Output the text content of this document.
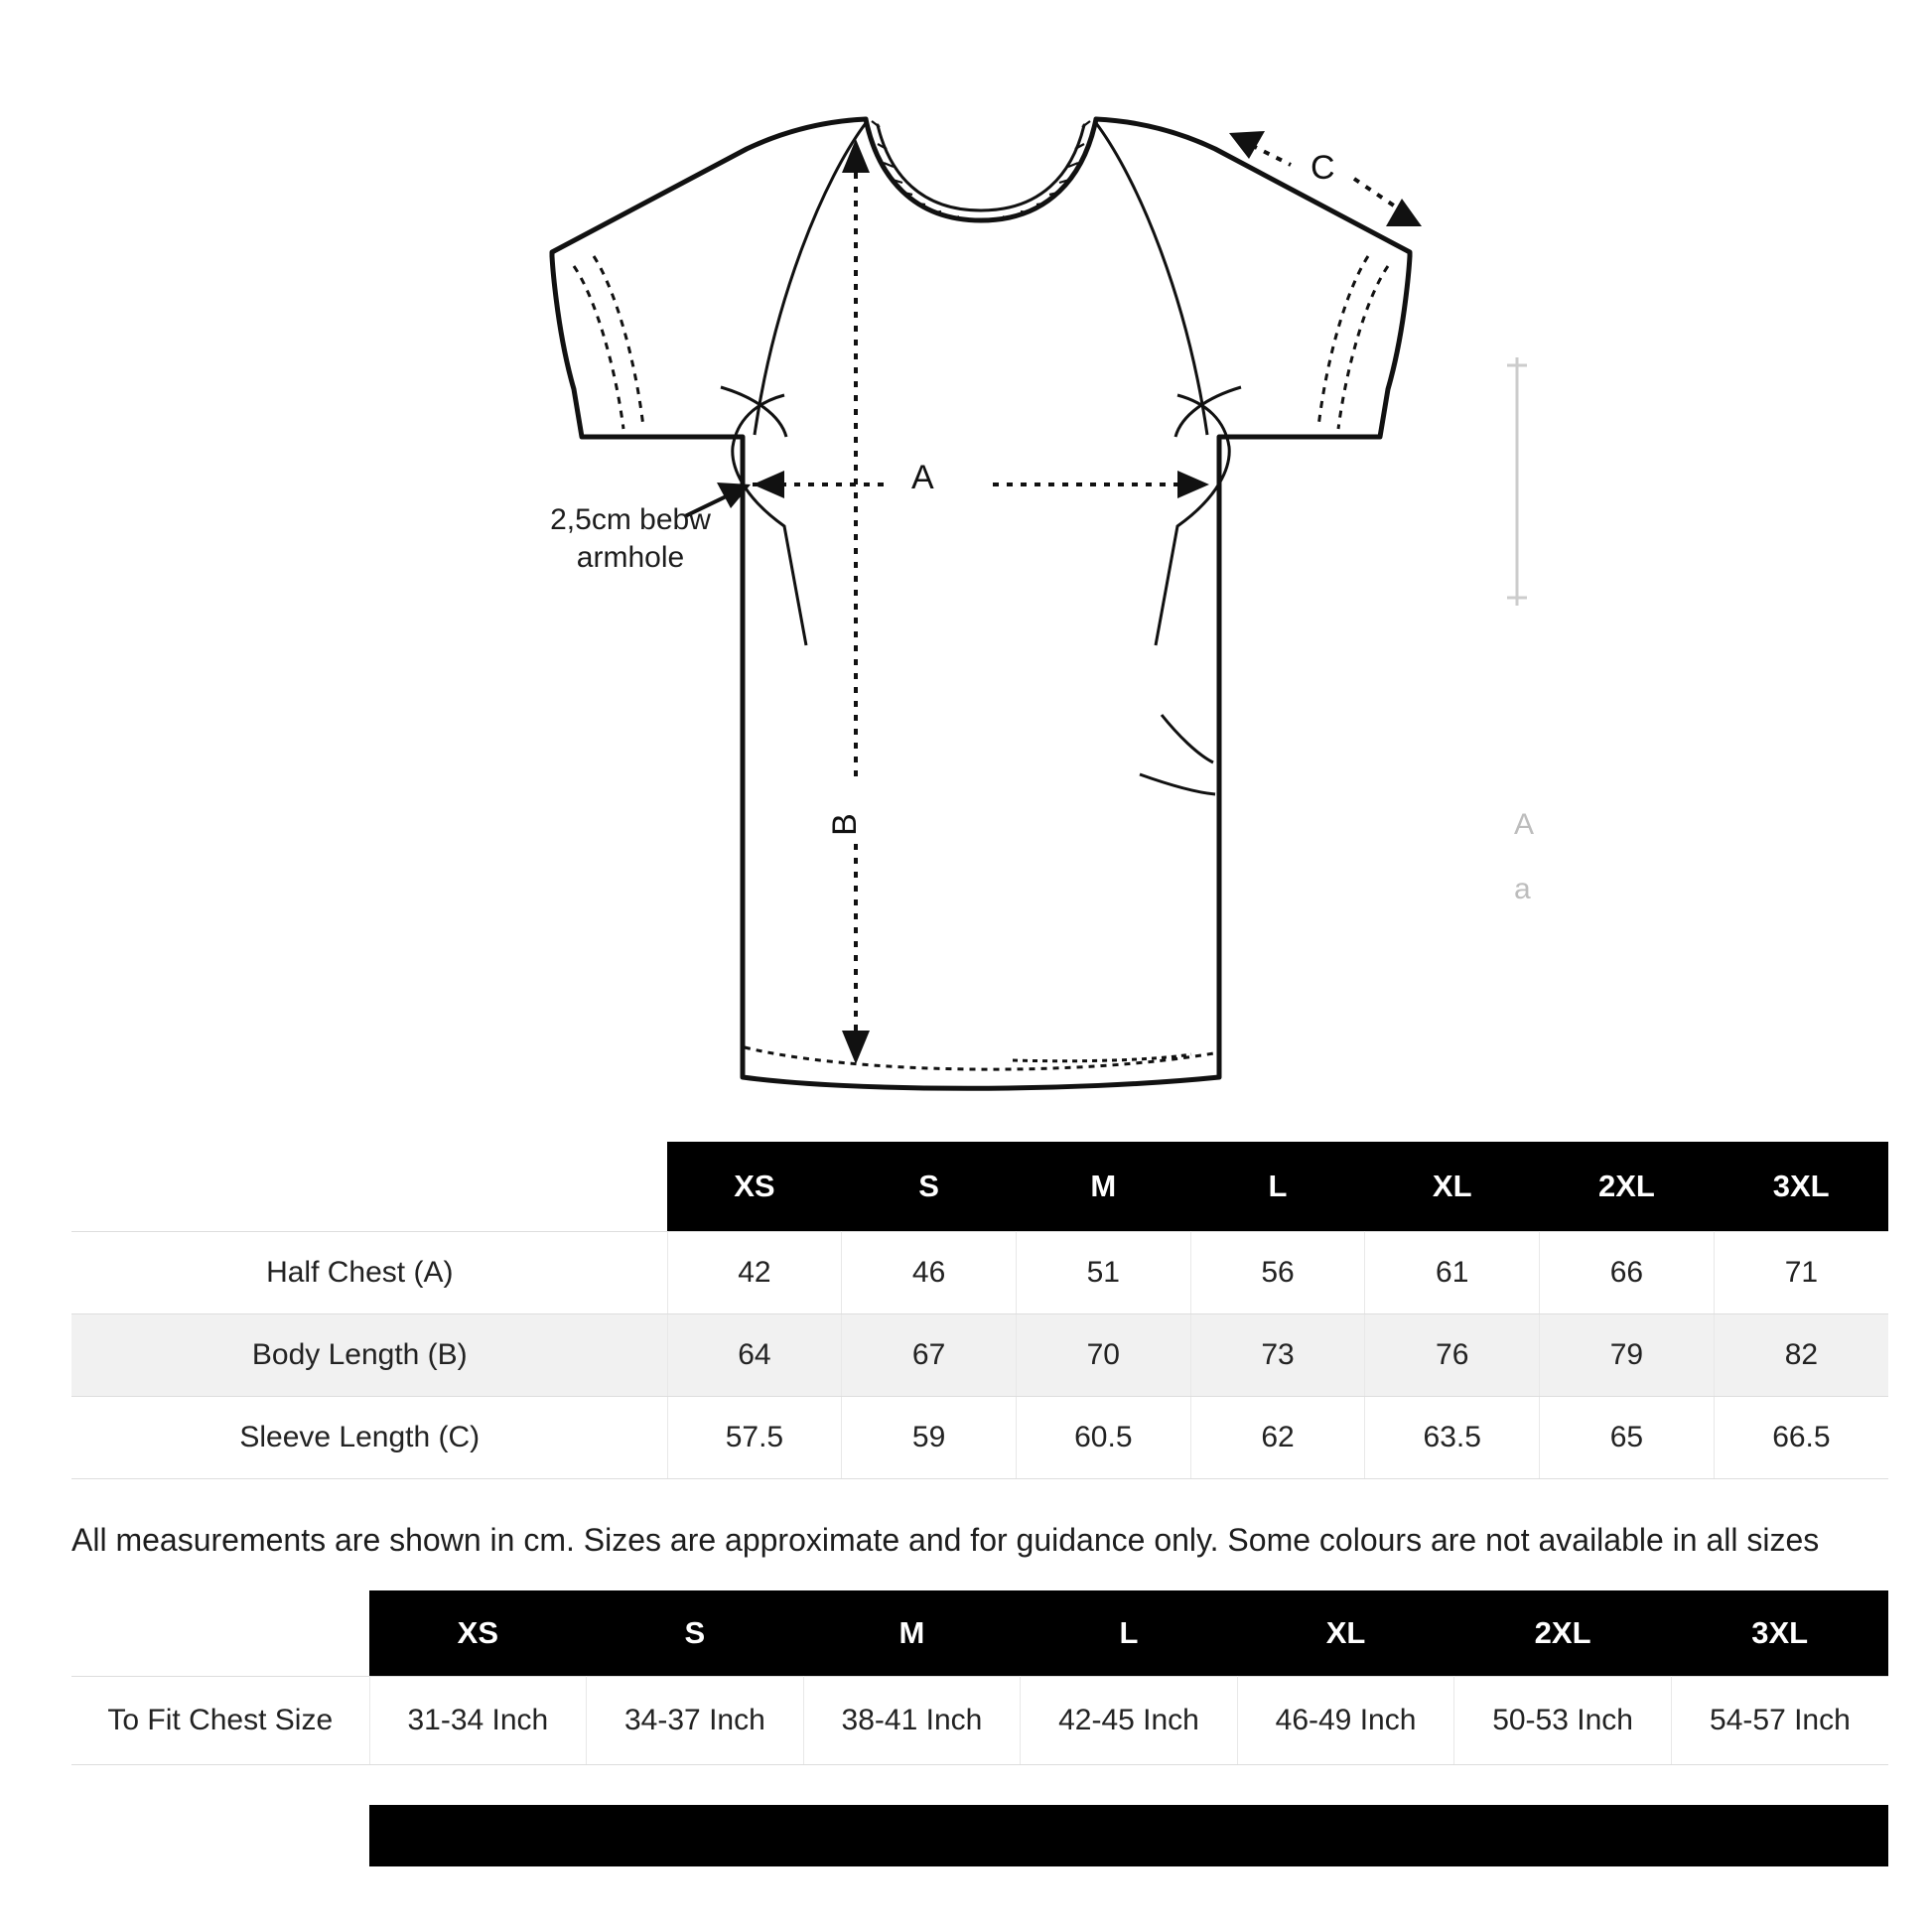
A
a
2,5cm bebw armhole
A
B
C
	XS	S	M	L	XL	2XL	3XL
Half Chest (A)	42	46	51	56	61	66	71
Body Length (B)	64	67	70	73	76	79	82
Sleeve Length (C)	57.5	59	60.5	62	63.5	65	66.5
All measurements are shown in cm. Sizes are approximate and for guidance only. Some colours are not available in all sizes
	XS	S	M	L	XL	2XL	3XL
To Fit Chest Size	31-34 Inch	34-37 Inch	38-41 Inch	42-45 Inch	46-49 Inch	50-53 Inch	54-57 Inch
